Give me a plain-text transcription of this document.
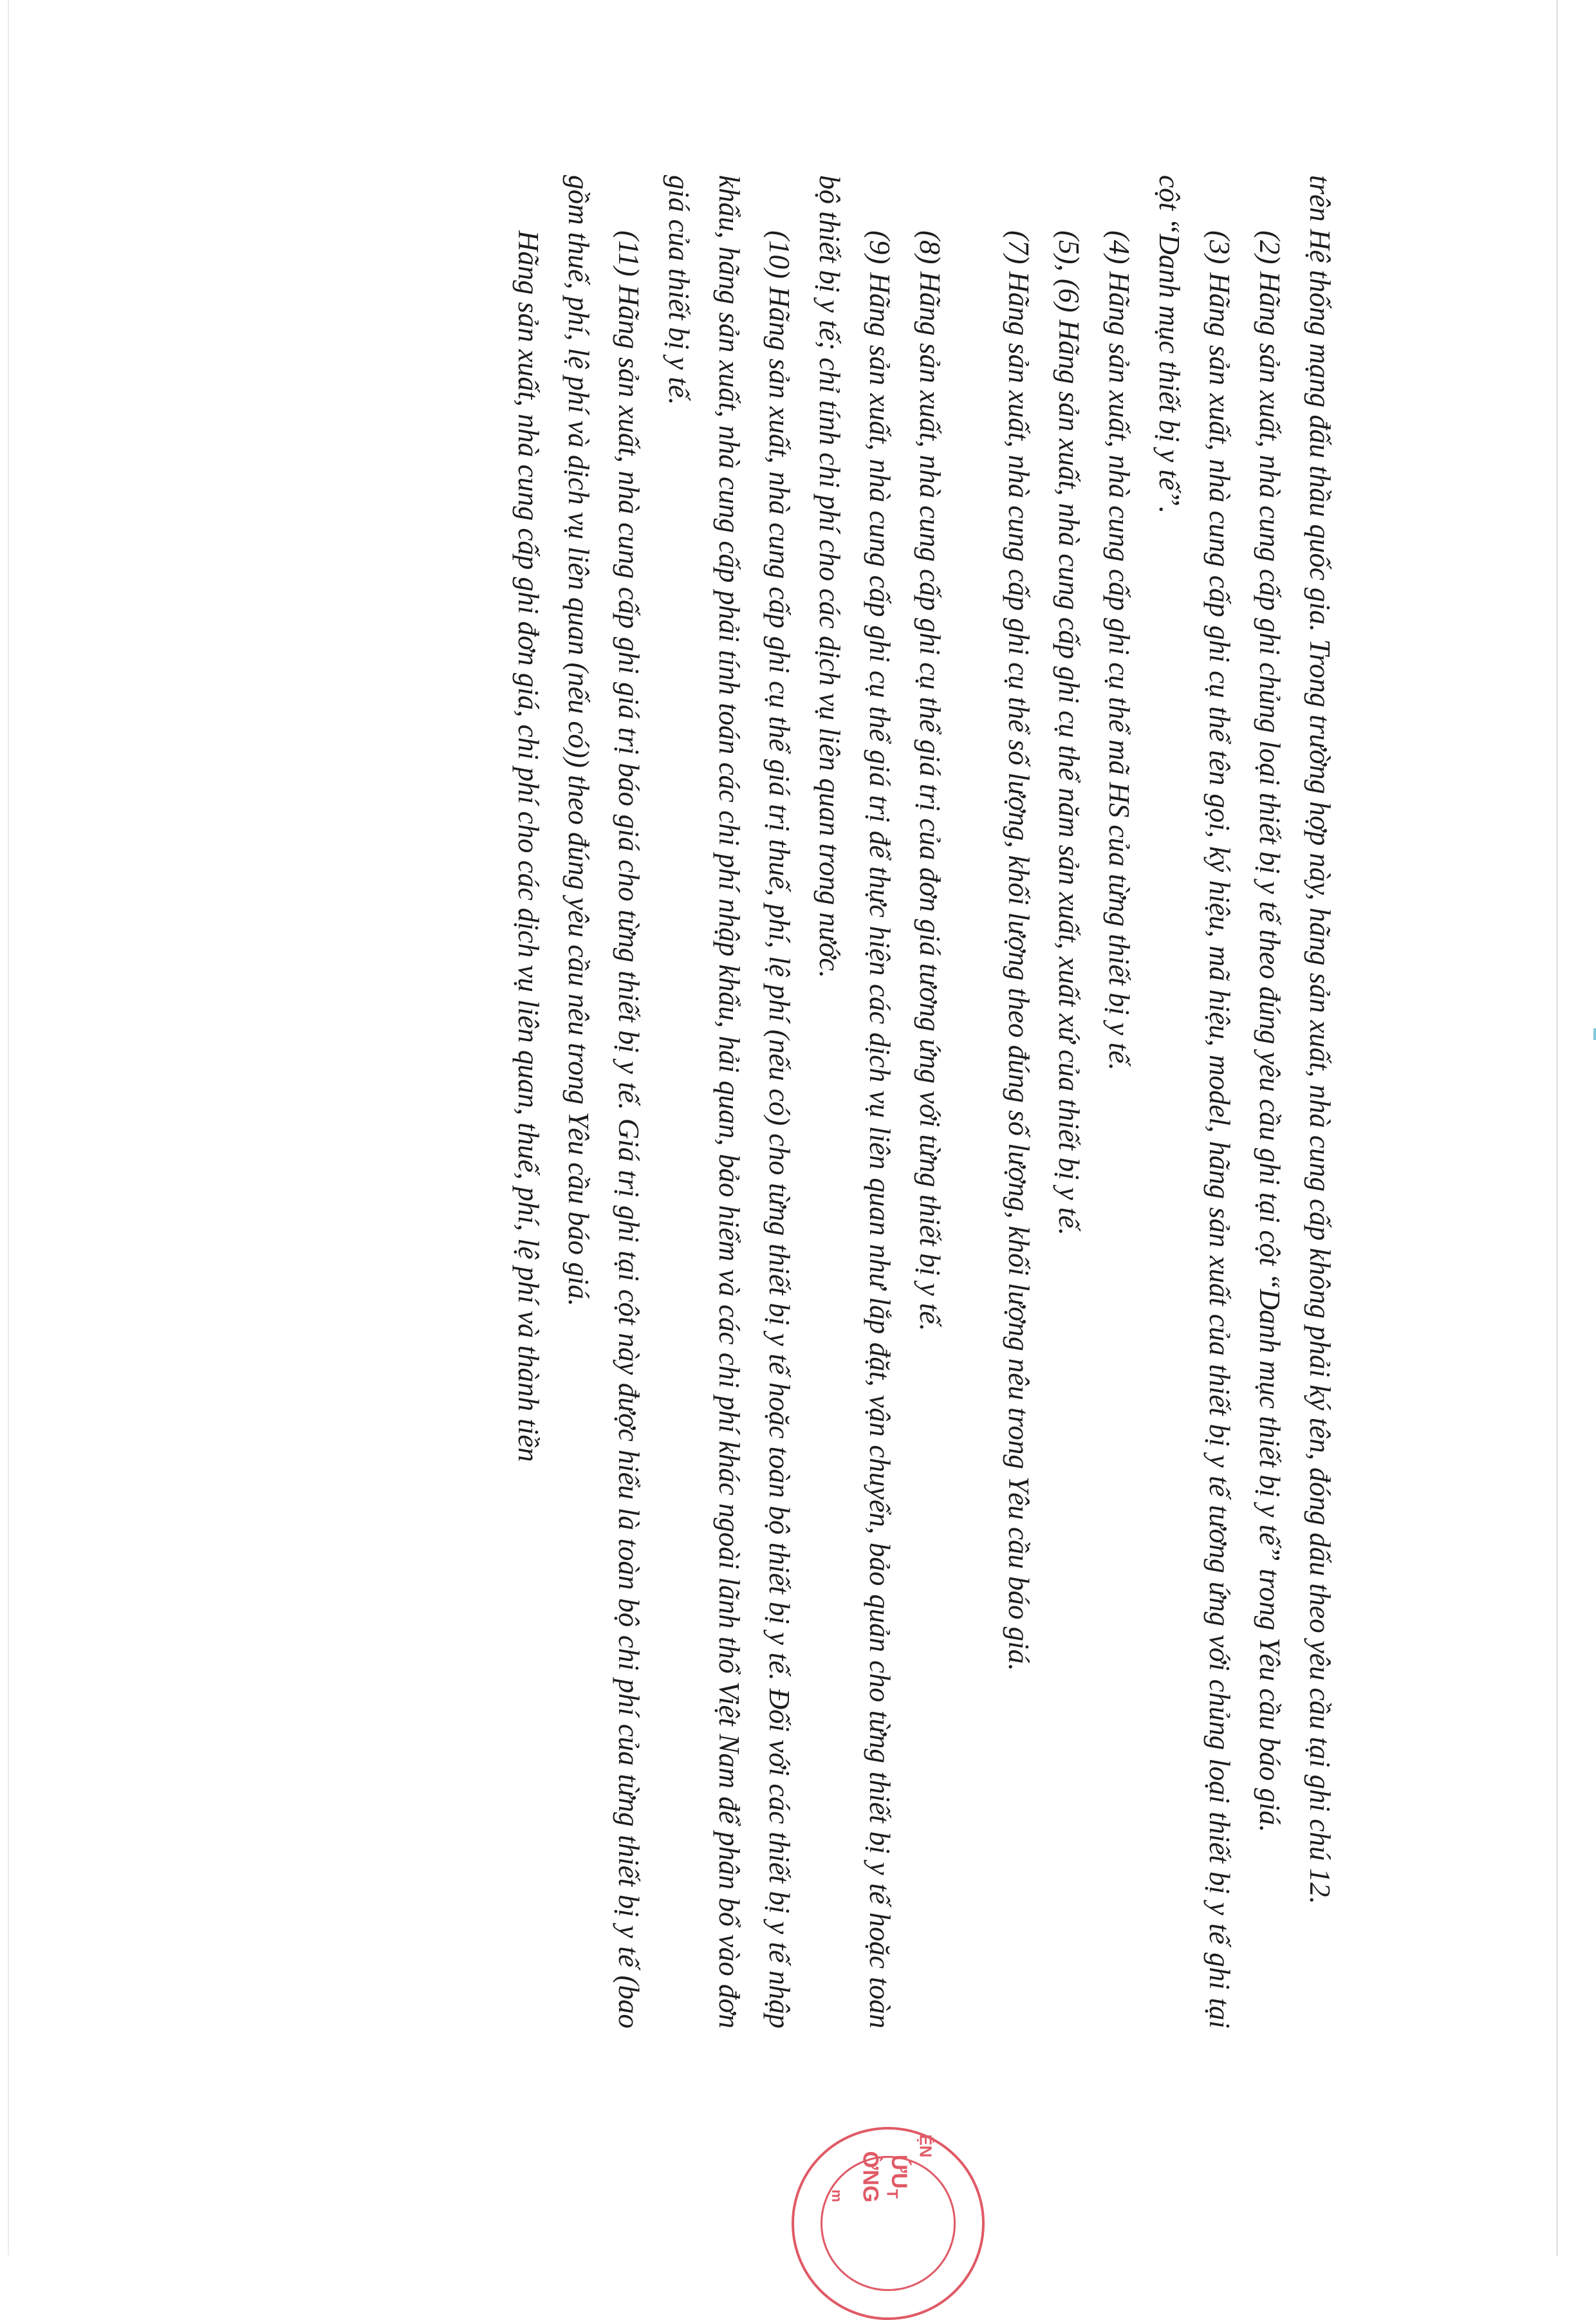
trên Hệ thống mạng đấu thầu quốc gia. Trong trường hợp này, hãng sản xuất, nhà cung cấp không phải ký tên, đóng dấu theo yêu cầu tại ghi chú 12.

(2) Hãng sản xuất, nhà cung cấp ghi chủng loại thiết bị y tế theo đúng yêu cầu ghi tại cột “Danh mục thiết bị y tế” trong Yêu cầu báo giá.

(3) Hãng sản xuất, nhà cung cấp ghi cụ thể tên gọi, ký hiệu, mã hiệu, model, hãng sản xuất của thiết bị y tế tương ứng với chủng loại thiết bị y tế ghi tại cột “Danh mục thiết bị y tế”.

(4) Hãng sản xuất, nhà cung cấp ghi cụ thể mã HS của từng thiết bị y tế.

(5), (6) Hãng sản xuất, nhà cung cấp ghi cụ thể năm sản xuất, xuất xứ của thiết bị y tế.

(7) Hãng sản xuất, nhà cung cấp ghi cụ thể số lượng, khối lượng theo đúng số lượng, khối lượng nêu trong Yêu cầu báo giá.

(8) Hãng sản xuất, nhà cung cấp ghi cụ thể giá trị của đơn giá tương ứng với từng thiết bị y tế.

(9) Hãng sản xuất, nhà cung cấp ghi cụ thể giá trị để thực hiện các dịch vụ liên quan như lắp đặt, vận chuyển, bảo quản cho từng thiết bị y tế hoặc toàn bộ thiết bị y tế; chỉ tính chi phí cho các dịch vụ liên quan trong nước.

(10) Hãng sản xuất, nhà cung cấp ghi cụ thể giá trị thuế, phí, lệ phí (nếu có) cho từng thiết bị y tế hoặc toàn bộ thiết bị y tế. Đối với các thiết bị y tế nhập khẩu, hãng sản xuất, nhà cung cấp phải tính toán các chi phí nhập khẩu, hải quan, bảo hiểm và các chi phí khác ngoài lãnh thổ Việt Nam để phân bổ vào đơn giá của thiết bị y tế.

(11) Hãng sản xuất, nhà cung cấp ghi giá trị báo giá cho từng thiết bị y tế. Giá trị ghi tại cột này được hiểu là toàn bộ chi phí của từng thiết bị y tế (bao gồm thuế, phí, lệ phí và dịch vụ liên quan (nếu có)) theo đúng yêu cầu nêu trong Yêu cầu báo giá.

Hãng sản xuất, nhà cung cấp ghi đơn giá, chi phí cho các dịch vụ liên quan, thuế, phí, lệ phí và thành tiền

ỆN
ỨU
ỜNG T
m
